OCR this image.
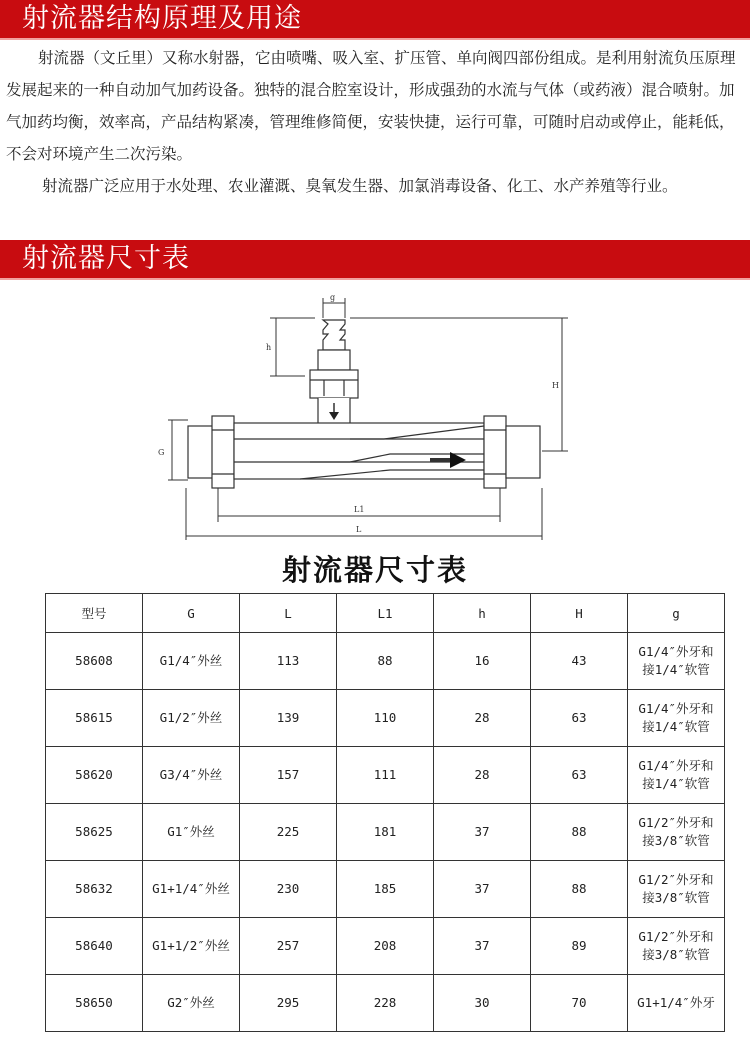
射流器结构原理及用途

射流器（文丘里）又称水射器，它由喷嘴、吸入室、扩压管、单向阀四部份组成。是利用射流负压原理发展起来的一种自动加气加药设备。独特的混合腔室设计，形成强劲的水流与气体（或药液）混合喷射。加气加药均衡，效率高，产品结构紧凑，管理维修简便，安装快捷，运行可靠，可随时启动或停止，能耗低，不会对环境产生二次污染。

射流器广泛应用于水处理、农业灌溉、臭氧发生器、加氯消毒设备、化工、水产养殖等行业。

射流器尺寸表
g
h
H
G
L1
L
射流器尺寸表
型号	G	L	L1	h	H	g
58608	G1/4″外丝	113	88	16	43	G1/4″外牙和
接1/4″软管
58615	G1/2″外丝	139	110	28	63	G1/4″外牙和
接1/4″软管
58620	G3/4″外丝	157	111	28	63	G1/4″外牙和
接1/4″软管
58625	G1″外丝	225	181	37	88	G1/2″外牙和
接3/8″软管
58632	G1+1/4″外丝	230	185	37	88	G1/2″外牙和
接3/8″软管
58640	G1+1/2″外丝	257	208	37	89	G1/2″外牙和
接3/8″软管
58650	G2″外丝	295	228	30	70	G1+1/4″外牙
